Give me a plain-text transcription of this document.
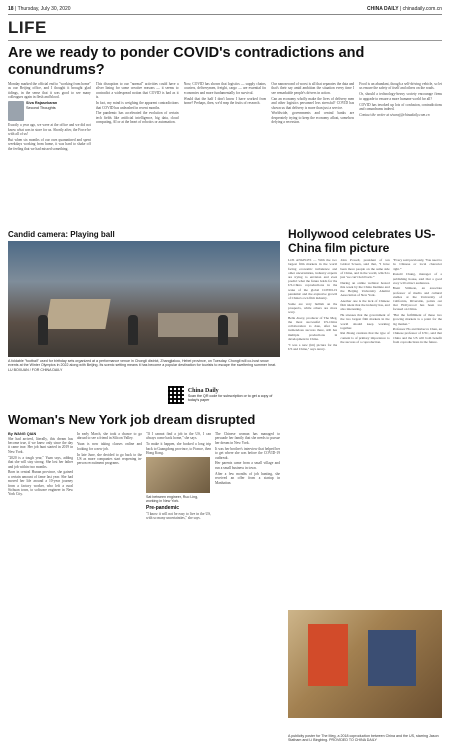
18 | Thursday, July 30, 2020	CHINA DAILY | chinadaily.com.cn
LIFE
Are we ready to ponder COVID's contradictions and conundrums?

Monday marked the official end to "working from home" as our Beijing office, and I thought it brought glad tidings, in the sense that it was good to see many colleagues again in flesh and blood.

Siva Rajasekaran
Second Thoughts

Exactly a year ago, we were at the office and we did not know what was in store for us. Shortly after, the Force be with all of us!

But when six months of our own quarantined and spent weekdays working from home, it was hard to shake off the feeling that we had missed something.

This disruption to our "normal" activities could have a silver lining for some creative reasons — it seems to contradict a widespread notion that COVID is bad as it is.

In fact, my mind is weighing the apparent contradictions that COVID has unleashed in recent months.

The pandemic has accelerated the evolution of certain tech fields like artificial intelligence, big data, cloud computing, AI or at the heart of robotics or automation.

Now, COVID has shown that logistics — supply chains, couriers, deliverymen, freight, cargo — are essential for economies and more fundamentally for survival.

Would that the half I don't know I have worked from home? Perhaps, then, we'd reap the fruits of research.

Our nanosecond of worst is all that separates the data and that's their say amid ambition the situation every time I see remarkable people's drivers in action.

Can an economy wholly make the lives of delivery men and other logistics personnel less stressful? COVID has shown us that delivery is more than just a service.

Worldwide, governments and central banks are desperately trying to keep the economy afloat, somehow defying a recession.

Food is an abundant, though a self-driving vehicle, so let us ensure the safety of itself and others on the roads.

Or, should a technology-heavy society encourage firms to upgrade to ensure a more humane world for all?

COVID has invoked up lots of confusion, contradictions and conundrums indeed.

Contact the writer at sivaraj@chinadaily.com.cn

Candid camera: Playing ball
A foldable "football" used for birthday sets organized at a performance venue in Chongli district, Zhangjiakou, Hebei province, on Tuesday. Chongli will co-host snow events at the Winter Olympics in 2022 along with Beijing. Its scenic setting means it has become a popular destination for tourists to escape the sweltering summer heat. LU BOXUAN / FOR CHINA DAILY
China Daily
Scan the QR code for subscription or to get a copy of today's paper
Hollywood celebrates US-China film picture

LOS ANGELES — With the two largest film markets in the world facing economic turbulence and other uncertainties, industry experts are trying to envision and even predict what the future holds for the US-China coproductions in the wake of the global COVID-19 pandemic and the explosive growth of China's own film industry.

Some are very bullish on the prospects, while others are more wary.

Belle Avery, producer of The Meg, the most successful US-China collaboration to date, after her tremendous success there, still has multiple productions in development in China.

"I was a new (hit) picture for the US and China," says Avery.

John Powell, president of ten Global Screen, said that, "I have been more people on the same side of China, and in the world, which is just 'we can't hold back.'"

During an online webinar hosted this week by the China Institute and the Beijing University Alumni Association of New York.

Another one is the lack of Chinese film talent that the industry has, and also interesting.

He stresses that the government of the two largest film markets in the world should keep working together.

Rui Zhang cautions that the type of content is of primary importance to the success of a coproduction.

"Every said previously, 'You need to do Chinese or local character right.'"

Ronald Chung, manager of a publishing house, said that a good story will attract audiences.

Brent Stimson, an associate professor of media and cultural studies at the University of California, Riverside, points out that Hollywood has been too focused on China.

"But the fulfillment of these two growing markets is a point for the big market."

Professor Ho and Rebecca Chen, an Chinese professor of USC, said that China and the US will both benefit from coproductions in the future.

A publicity poster for The Meg, a 2018 coproduction between China and the US, starring Jason Statham and Li Bingbing. PROVIDED TO CHINA DAILY
Woman's New York job dream disrupted
By WANG QIAN

She had arrived, literally, this dream has become true, if we knew only since the day it came true. Her job hunt started in 2019 in New York.

"2020 is a tough year," Yuan says, adding that she will stay strong. She lost her father and job within two months.

Born in central Hunan province, she gained a certain amount of fame last year. She had moved her life around a 10-year journey from a factory worker, who left a rural Sichuan town, to software engineer in New York City.

In early March, she took a chance to go abroad to see a friend in Silicon Valley.

Yuan is now taking classes online and looking for a new job.

In late June, she decided to go back to the US as more companies start reopening in-person recruitment programs.

"If I cannot find a job in the US, I can always come back home," she says.

To make it happen, she booked a long trip back to Guangdong province, to France, then Hong Kong.

Sat between engineer, Ruo Ling, working in New York.
Pre-pandemic

"I know it will not be easy to live in the US, with so many uncertainties," she says.

The Chinese woman has managed to persuade her family that she needs to pursue her dream in New York.

It was her brother's interview that helped her to get where she was before the COVID-19 outbreak.

Her parents came from a small village and run a small business in town.

After a few months of job hunting, she received an offer from a startup in Manhattan.
